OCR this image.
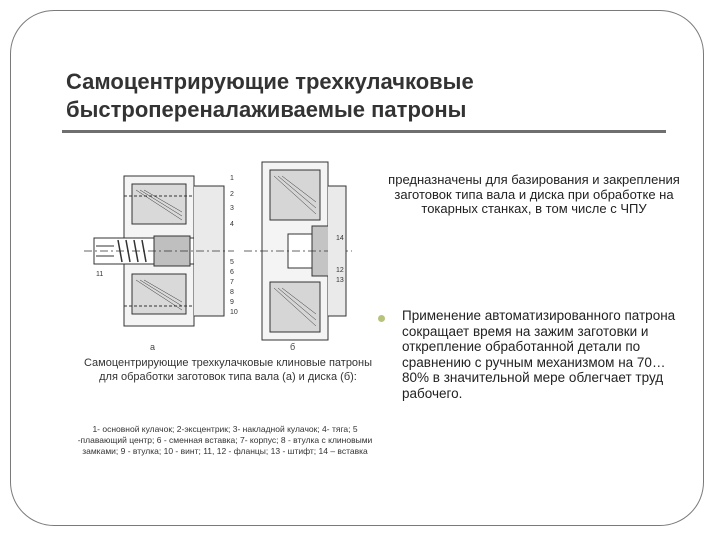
Самоцентрирующие трехкулачковые быстропереналаживаемые патроны
1
2
3
4
5
6
7
8
9
10
11
12
13
14
а	б
Самоцентрирующие трехкулачковые клиновые патроны для обработки заготовок типа вала (а) и диска (б):
1- основной кулачок; 2-эксцентрик; 3- накладной кулачок; 4- тяга; 5 -плавающий центр; 6 - сменная вставка; 7- корпус; 8 - втулка с клиновыми замками; 9 - втулка; 10 - винт; 11, 12 - фланцы; 13 - штифт; 14 – вставка
предназначены для базирования и закрепления заготовок типа вала и диска при обработке на токарных станках, в том числе с ЧПУ
Применение автоматизированного патрона сокращает время на зажим заготовки и открепление обработанной детали по сравнению с ручным механизмом на 70…80% в значительной мере облегчает труд рабочего.
